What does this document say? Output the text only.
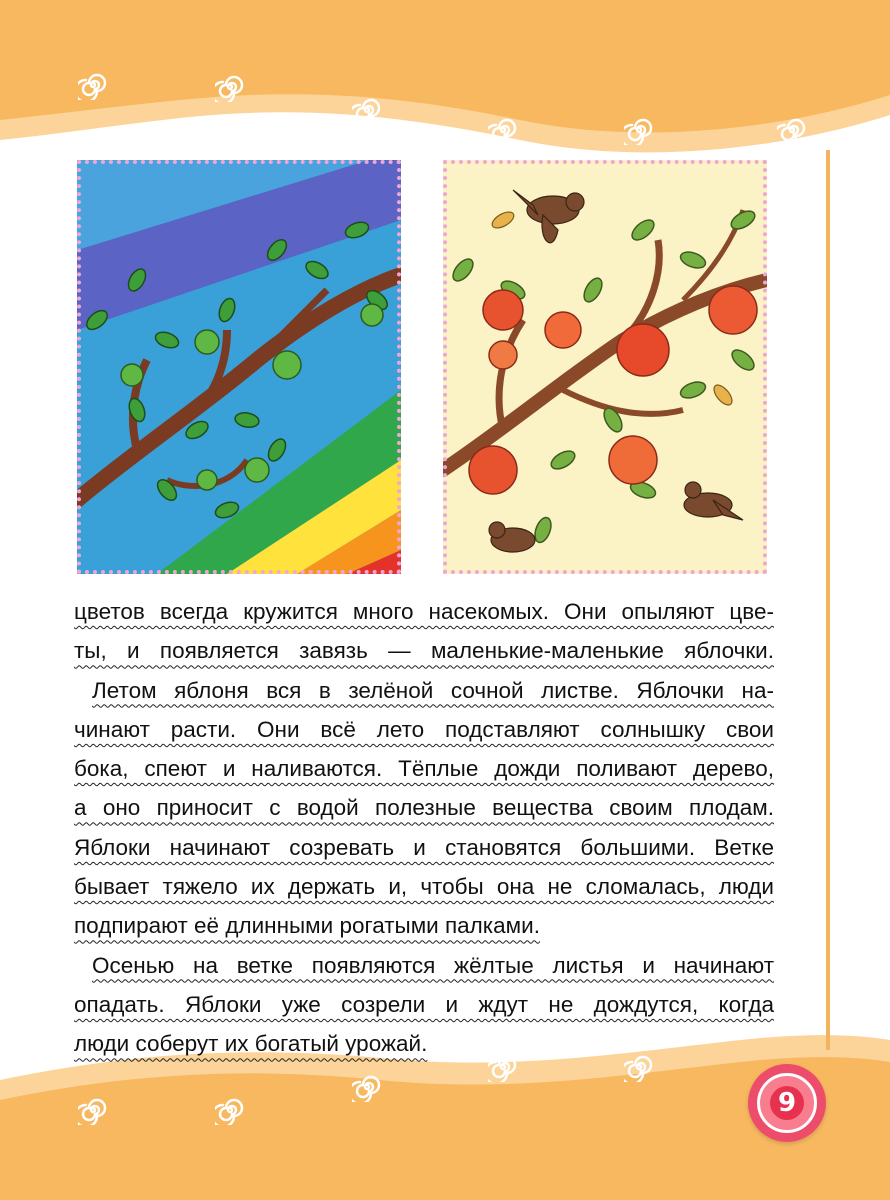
цветов всегда кружится много насекомых. Они опыляют цве-
ты, и появляется завязь — маленькие-маленькие яблочки.
Летом яблоня вся в зелёной сочной листве. Яблочки на-
чинают расти. Они всё лето подставляют солнышку свои
бока, спеют и наливаются. Тёплые дожди поливают дерево,
а оно приносит с водой полезные вещества своим плодам.
Яблоки начинают созревать и становятся большими. Ветке
бывает тяжело их держать и, чтобы она не сломалась, люди
подпирают её длинными рогатыми палками.
Осенью на ветке появляются жёлтые листья и начинают
опадать. Яблоки уже созрели и ждут не дождутся, когда
люди соберут их богатый урожай.
9
